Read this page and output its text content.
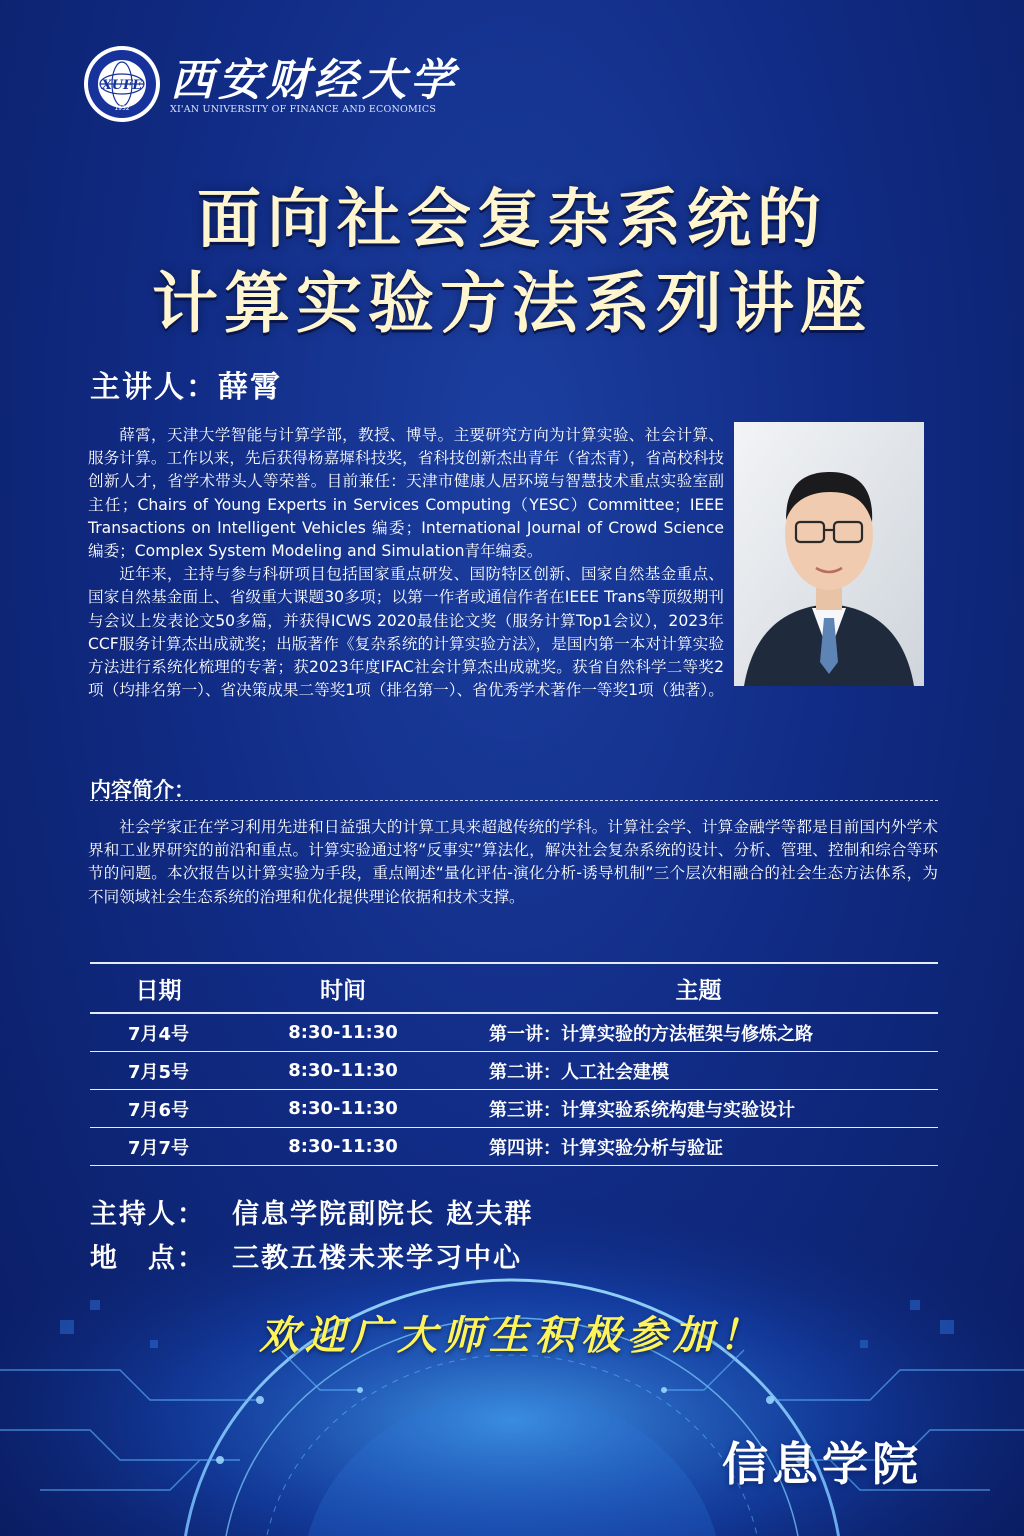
XUFE
1952
西安财经大学
XI'AN UNIVERSITY OF FINANCE AND ECONOMICS
面向社会复杂系统的
计算实验方法系列讲座
主讲人：薛霄

薛霄，天津大学智能与计算学部，教授、博导。主要研究方向为计算实验、社会计算、服务计算。工作以来，先后获得杨嘉墀科技奖，省科技创新杰出青年（省杰青），省高校科技创新人才，省学术带头人等荣誉。目前兼任：天津市健康人居环境与智慧技术重点实验室副主任；Chairs of Young Experts in Services Computing（YESC）Committee；IEEE Transactions on Intelligent Vehicles 编委；International Journal of Crowd Science 编委；Complex System Modeling and Simulation青年编委。

近年来，主持与参与科研项目包括国家重点研发、国防特区创新、国家自然基金重点、国家自然基金面上、省级重大课题30多项；以第一作者或通信作者在IEEE Trans等顶级期刊与会议上发表论文50多篇，并获得ICWS 2020最佳论文奖（服务计算Top1会议），2023年CCF服务计算杰出成就奖；出版著作《复杂系统的计算实验方法》，是国内第一本对计算实验方法进行系统化梳理的专著；获2023年度IFAC社会计算杰出成就奖。获省自然科学二等奖2项（均排名第一）、省决策成果二等奖1项（排名第一）、省优秀学术著作一等奖1项（独著）。

内容简介：

社会学家正在学习利用先进和日益强大的计算工具来超越传统的学科。计算社会学、计算金融学等都是目前国内外学术界和工业界研究的前沿和重点。计算实验通过将“反事实”算法化，解决社会复杂系统的设计、分析、管理、控制和综合等环节的问题。本次报告以计算实验为手段，重点阐述“量化评估-演化分析-诱导机制”三个层次相融合的社会生态方法体系，为不同领域社会生态系统的治理和优化提供理论依据和技术支撑。

日期	时间	主题
7月4号	8:30-11:30	第一讲：计算实验的方法框架与修炼之路
7月5号	8:30-11:30	第二讲：人工社会建模
7月6号	8:30-11:30	第三讲：计算实验系统构建与实验设计
7月7号	8:30-11:30	第四讲：计算实验分析与验证
主持人： 信息学院副院长 赵夫群
地　点： 三教五楼未来学习中心
欢迎广大师生积极参加！
信息学院
